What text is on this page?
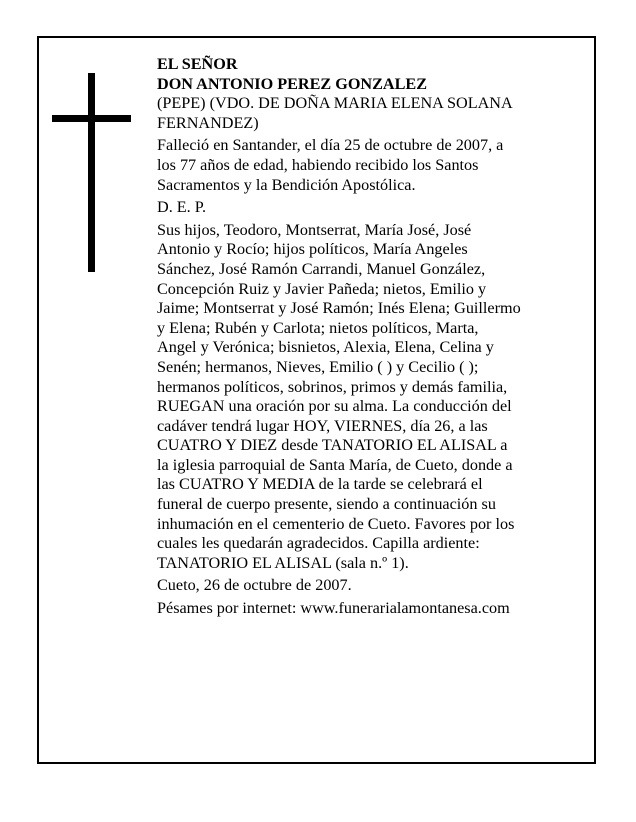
EL SEÑOR

DON ANTONIO PEREZ GONZALEZ

(PEPE) (VDO. DE DOÑA MARIA ELENA SOLANA

FERNANDEZ)

Falleció en Santander, el día 25 de octubre de 2007, a

los 77 años de edad, habiendo recibido los Santos

Sacramentos y la Bendición Apostólica.

D. E. P.

Sus hijos, Teodoro, Montserrat, María José, José

Antonio y Rocío; hijos políticos, María Angeles

Sánchez, José Ramón Carrandi, Manuel González,

Concepción Ruiz y Javier Pañeda; nietos, Emilio y

Jaime; Montserrat y José Ramón; Inés Elena; Guillermo

y Elena; Rubén y Carlota; nietos políticos, Marta,

Angel y Verónica; bisnietos, Alexia, Elena, Celina y

Senén; hermanos, Nieves, Emilio ( ) y Cecilio ( );

hermanos políticos, sobrinos, primos y demás familia,

RUEGAN una oración por su alma. La conducción del

cadáver tendrá lugar HOY, VIERNES, día 26, a las

CUATRO Y DIEZ desde TANATORIO EL ALISAL a

la iglesia parroquial de Santa María, de Cueto, donde a

las CUATRO Y MEDIA de la tarde se celebrará el

funeral de cuerpo presente, siendo a continuación su

inhumación en el cementerio de Cueto. Favores por los

cuales les quedarán agradecidos. Capilla ardiente:

TANATORIO EL ALISAL (sala n.º 1).

Cueto, 26 de octubre de 2007.

Pésames por internet: www.funerarialamontanesa.com
